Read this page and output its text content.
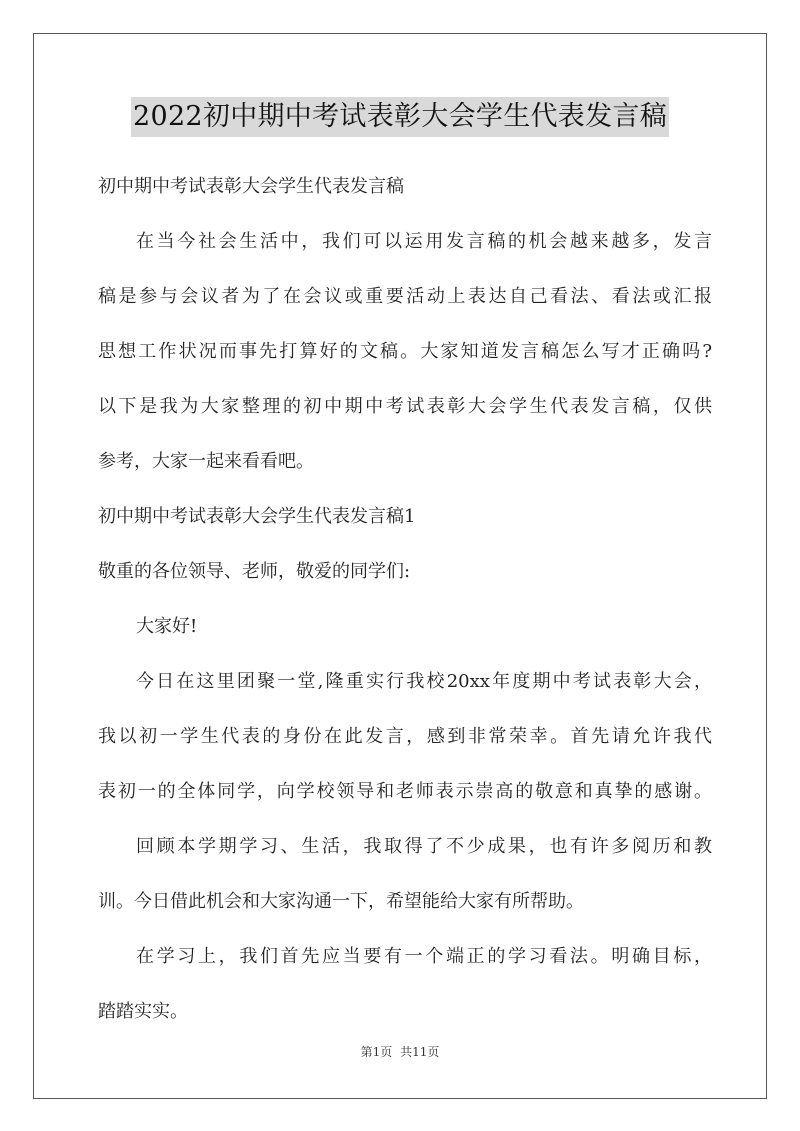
2022初中期中考试表彰大会学生代表发言稿
初中期中考试表彰大会学生代表发言稿
在当今社会生活中，我们可以运用发言稿的机会越来越多，发言
稿是参与会议者为了在会议或重要活动上表达自己看法、看法或汇报
思想工作状况而事先打算好的文稿。大家知道发言稿怎么写才正确吗?
以下是我为大家整理的初中期中考试表彰大会学生代表发言稿，仅供
参考，大家一起来看看吧。
初中期中考试表彰大会学生代表发言稿1
敬重的各位领导、老师，敬爱的同学们:
大家好!
今日在这里团聚一堂,隆重实行我校20xx年度期中考试表彰大会，
我以初一学生代表的身份在此发言，感到非常荣幸。首先请允许我代
表初一的全体同学，向学校领导和老师表示崇高的敬意和真挚的感谢。
回顾本学期学习、生活，我取得了不少成果，也有许多阅历和教
训。今日借此机会和大家沟通一下，希望能给大家有所帮助。
在学习上，我们首先应当要有一个端正的学习看法。明确目标，
踏踏实实。
第1页 共11页
